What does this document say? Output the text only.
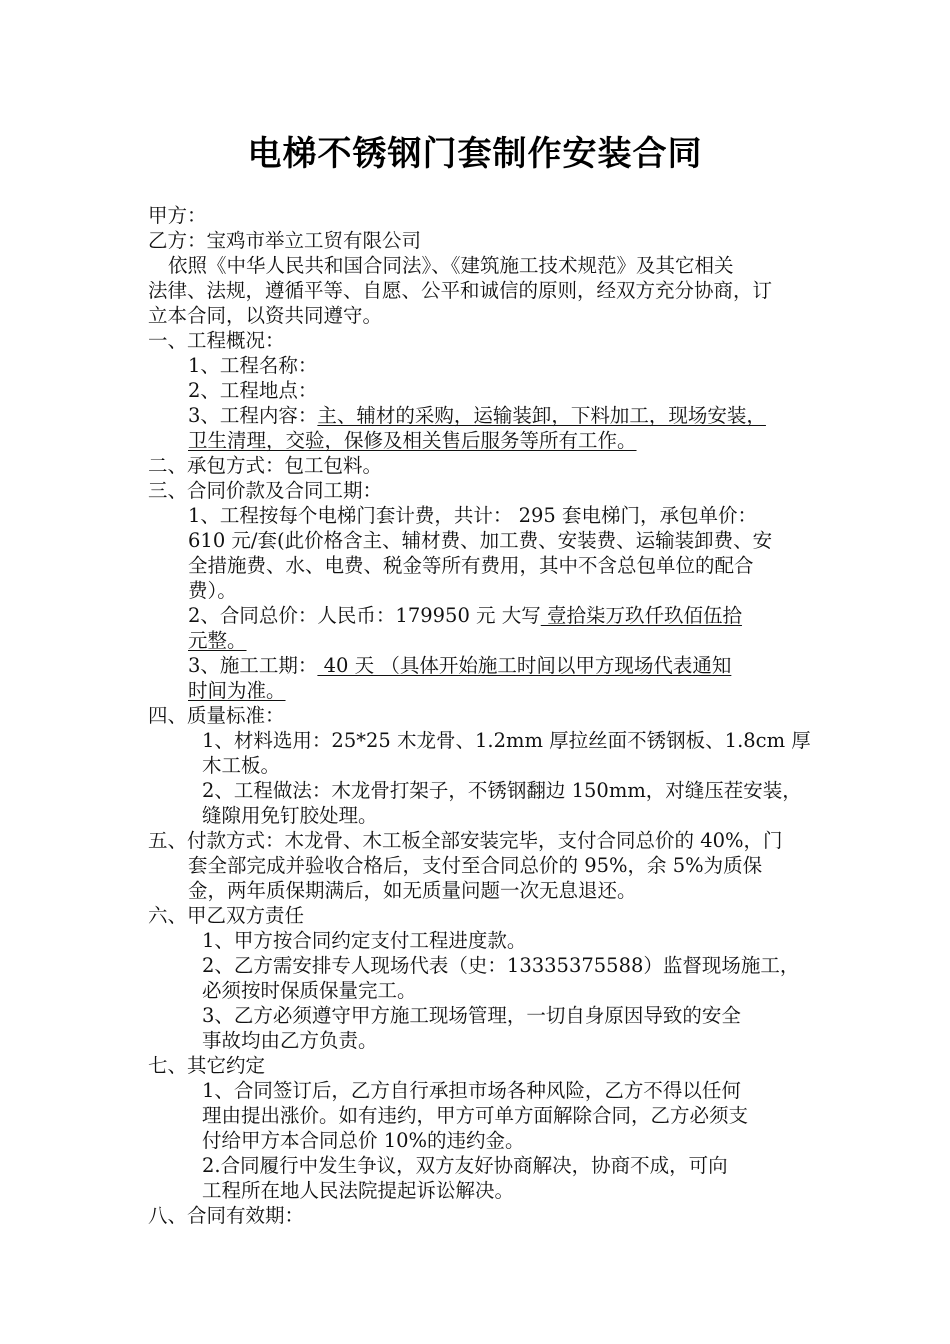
电梯不锈钢门套制作安装合同
甲方：
乙方：宝鸡市举立工贸有限公司
依照《中华人民共和国合同法》、《建筑施工技术规范》及其它相关
法律、法规，遵循平等、自愿、公平和诚信的原则，经双方充分协商，订
立本合同，以资共同遵守。
一、工程概况：
1、工程名称：
2、工程地点：
3、工程内容：主、辅材的采购，运输装卸，下料加工，现场安装，
卫生清理，交验，保修及相关售后服务等所有工作。
二、承包方式：包工包料。
三、合同价款及合同工期：
1、工程按每个电梯门套计费，共计： 295 套电梯门，承包单价：
610 元/套(此价格含主、辅材费、加工费、安装费、运输装卸费、安
全措施费、水、电费、税金等所有费用，其中不含总包单位的配合
费）。
2、合同总价：人民币：179950 元 大写 壹拾柒万玖仟玖佰伍拾
元整。
3、施工工期： 40 天 （具体开始施工时间以甲方现场代表通知
时间为准。
四、质量标准：
1、材料选用：25*25 木龙骨、1.2mm 厚拉丝面不锈钢板、1.8cm 厚
木工板。
2、工程做法：木龙骨打架子，不锈钢翻边 150mm，对缝压茬安装，
缝隙用免钉胶处理。
五、付款方式：木龙骨、木工板全部安装完毕，支付合同总价的 40%，门
套全部完成并验收合格后，支付至合同总价的 95%，余 5%为质保
金，两年质保期满后，如无质量问题一次无息退还。
六、甲乙双方责任
1、甲方按合同约定支付工程进度款。
2、乙方需安排专人现场代表（史：13335375588）监督现场施工，
必须按时保质保量完工。
3、乙方必须遵守甲方施工现场管理，一切自身原因导致的安全
事故均由乙方负责。
七、其它约定
1、合同签订后，乙方自行承担市场各种风险，乙方不得以任何
理由提出涨价。如有违约，甲方可单方面解除合同，乙方必须支
付给甲方本合同总价 10%的违约金。
2.合同履行中发生争议，双方友好协商解决，协商不成，可向
工程所在地人民法院提起诉讼解决。
八、合同有效期：
